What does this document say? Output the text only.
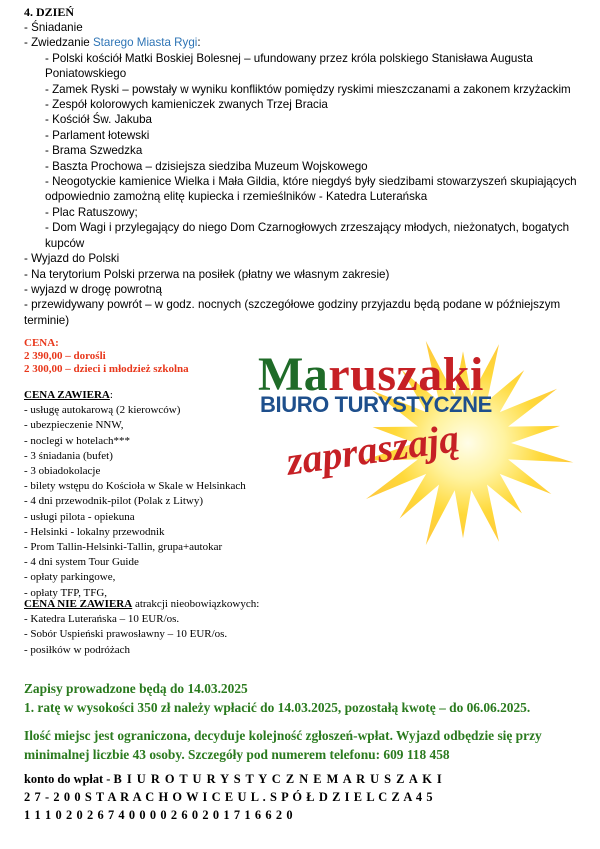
4. DZIEŃ
- Śniadanie
- Zwiedzanie Starego Miasta Rygi:
- Polski kościół Matki Boskiej Bolesnej – ufundowany przez króla polskiego Stanisława Augusta Poniatowskiego
- Zamek Ryski – powstały w wyniku konfliktów pomiędzy ryskimi mieszczanami a zakonem krzyżackim
- Zespół kolorowych kamieniczek zwanych Trzej Bracia
- Kościół Św. Jakuba
- Parlament łotewski
- Brama Szwedzka
- Baszta Prochowa – dzisiejsza siedziba Muzeum Wojskowego
- Neogotyckie kamienice Wielka i Mała Gildia, które niegdyś były siedzibami stowarzyszeń skupiających odpowiednio zamożną elitę kupiecka i rzemieślników - Katedra Luterańska
- Plac Ratuszowy;
- Dom Wagi i przylegający do niego Dom Czarnogłowych zrzeszający młodych, nieżonatych, bogatych kupców
- Wyjazd do Polski
- Na terytorium Polski przerwa na posiłek (płatny we własnym zakresie)
- wyjazd w drogę powrotną
- przewidywany powrót – w godz. nocnych (szczegółowe godziny przyjazdu będą podane w późniejszym terminie)
CENA:
2 390,00 – dorośli
2 300,00 – dzieci i młodzież szkolna
CENA ZAWIERA:
- usługę autokarową (2 kierowców)
- ubezpieczenie NNW,
- noclegi w hotelach***
- 3 śniadania (bufet)
- 3 obiadokolacje
- bilety wstępu do Kościoła w Skale w Helsinkach
- 4 dni przewodnik-pilot (Polak z Litwy)
- usługi pilota - opiekuna
- Helsinki - lokalny przewodnik
- Prom Tallin-Helsinki-Tallin, grupa+autokar
- 4 dni system Tour Guide
- opłaty parkingowe,
- opłaty TFP, TFG,
CENA NIE ZAWIERA atrakcji nieobowiązkowych:
- Katedra Luterańska – 10 EUR/os.
- Sobór Uspieński prawosławny – 10 EUR/os.
- posiłków w podróżach
Zapisy prowadzone będą do 14.03.2025
1. ratę w wysokości 350 zł należy wpłacić do 14.03.2025, pozostałą kwotę – do 06.06.2025.
Ilość miejsc jest ograniczona, decyduje kolejność zgłoszeń-wpłat. Wyjazd odbędzie się przy minimalnej liczbie 43 osoby. Szczegóły pod numerem telefonu: 609 118 458
konto do wpłat - B I U R O T U R Y S T Y C Z N E M A R U S Z A K I
2 7 - 2 0 0 S T A R A C H O W I C E U L . S P Ó Ł D Z I E L C Z A 4 5
1 1 1 0 2 0 2 6 7 4 0 0 0 0 2 6 0 2 0 1 7 1 6 6 2 0
Maruszaki
BIURO TURYSTYCZNE
zapraszają
